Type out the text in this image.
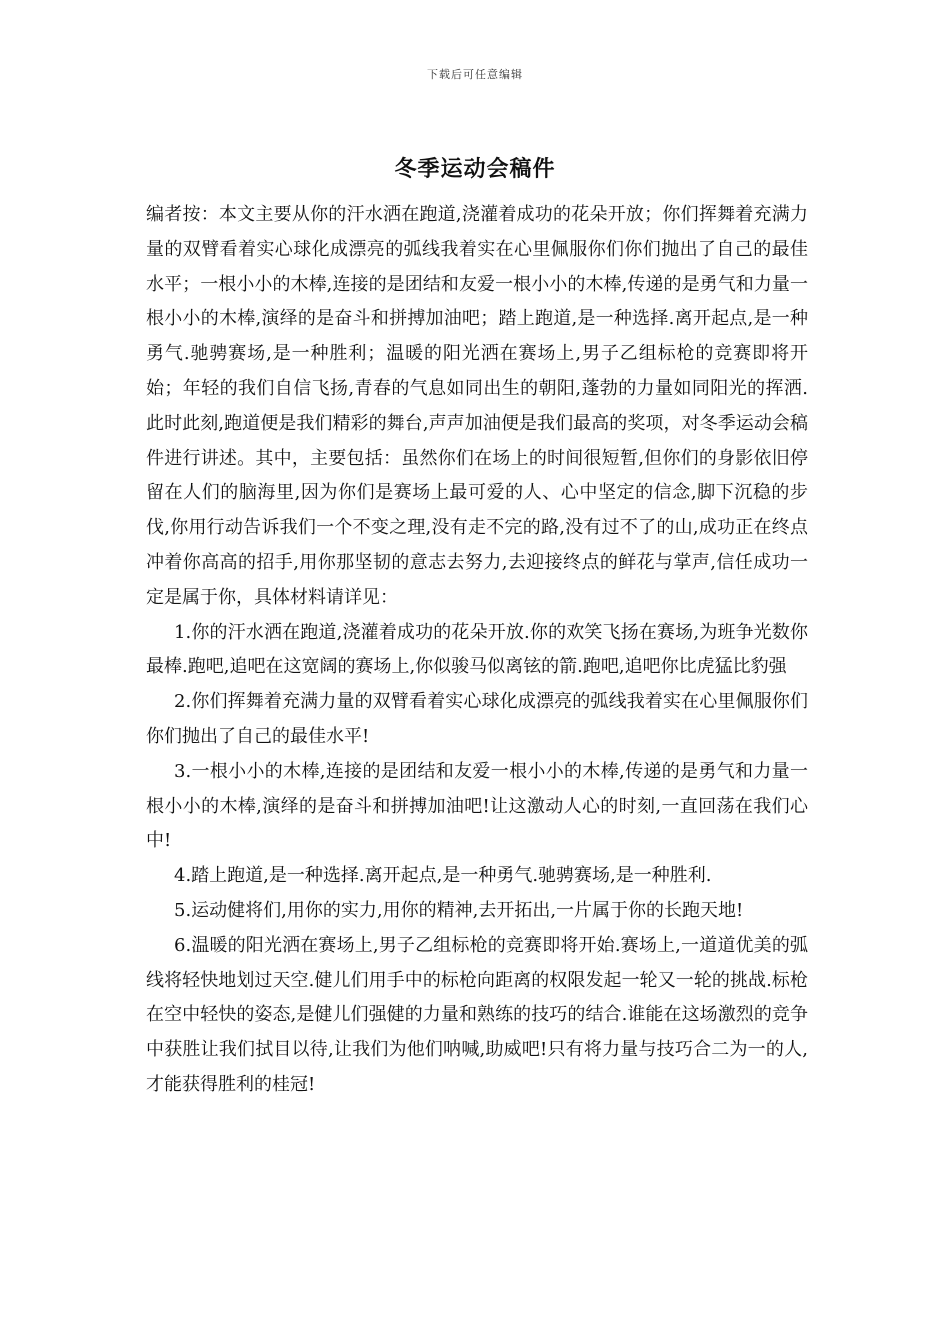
下载后可任意编辑
冬季运动会稿件

编者按：本文主要从你的汗水洒在跑道,浇灌着成功的花朵开放；你们挥舞着充满力量的双臂看着实心球化成漂亮的弧线我着实在心里佩服你们你们抛出了自己的最佳水平；一根小小的木棒,连接的是团结和友爱一根小小的木棒,传递的是勇气和力量一根小小的木棒,演绎的是奋斗和拼搏加油吧；踏上跑道,是一种选择.离开起点,是一种勇气.驰骋赛场,是一种胜利；温暖的阳光洒在赛场上,男子乙组标枪的竞赛即将开始；年轻的我们自信飞扬,青春的气息如同出生的朝阳,蓬勃的力量如同阳光的挥洒.此时此刻,跑道便是我们精彩的舞台,声声加油便是我们最高的奖项，对冬季运动会稿件进行讲述。其中，主要包括：虽然你们在场上的时间很短暂,但你们的身影依旧停留在人们的脑海里,因为你们是赛场上最可爱的人、心中坚定的信念,脚下沉稳的步伐,你用行动告诉我们一个不变之理,没有走不完的路,没有过不了的山,成功正在终点冲着你高高的招手,用你那坚韧的意志去努力,去迎接终点的鲜花与掌声,信任成功一定是属于你，具体材料请详见：

1.你的汗水洒在跑道,浇灌着成功的花朵开放.你的欢笑飞扬在赛场,为班争光数你最棒.跑吧,追吧在这宽阔的赛场上,你似骏马似离铉的箭.跑吧,追吧你比虎猛比豹强

2.你们挥舞着充满力量的双臂看着实心球化成漂亮的弧线我着实在心里佩服你们你们抛出了自己的最佳水平!

3.一根小小的木棒,连接的是团结和友爱一根小小的木棒,传递的是勇气和力量一根小小的木棒,演绎的是奋斗和拼搏加油吧!让这激动人心的时刻,一直回荡在我们心中!

4.踏上跑道,是一种选择.离开起点,是一种勇气.驰骋赛场,是一种胜利.

5.运动健将们,用你的实力,用你的精神,去开拓出,一片属于你的长跑天地!

6.温暖的阳光洒在赛场上,男子乙组标枪的竞赛即将开始.赛场上,一道道优美的弧线将轻快地划过天空.健儿们用手中的标枪向距离的权限发起一轮又一轮的挑战.标枪在空中轻快的姿态,是健儿们强健的力量和熟练的技巧的结合.谁能在这场激烈的竞争中获胜让我们拭目以待,让我们为他们呐喊,助威吧!只有将力量与技巧合二为一的人,才能获得胜利的桂冠!
